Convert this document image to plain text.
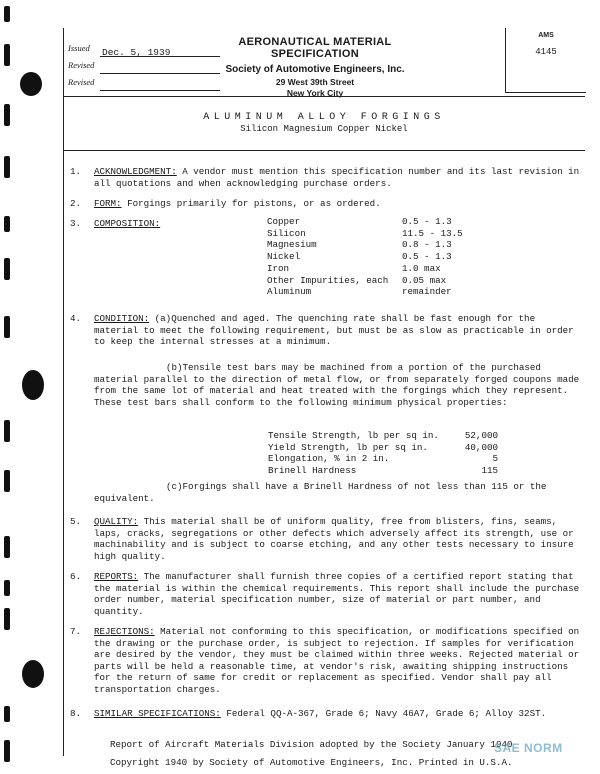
Issued	Dec. 5, 1939
Revised
Revised
AERONAUTICAL MATERIAL SPECIFICATION
Society of Automotive Engineers, Inc.
29 West 39th Street
New York City
AMS
4145
ALUMINUM ALLOY FORGINGS
Silicon Magnesium Copper Nickel
1.	ACKNOWLEDGMENT: A vendor must mention this specification number and its last revision in all quotations and when acknowledging purchase orders.
2.	FORM: Forgings primarily for pistons, or as ordered.
3.	COMPOSITION:	Copper	0.5 - 1.3
Silicon	11.5 - 13.5
Magnesium	0.8 - 1.3
Nickel	0.5 - 1.3
Iron	1.0 max
Other Impurities, each	0.05 max
Aluminum	remainder
4.	CONDITION: (a)Quenched and aged. The quenching rate shall be fast enough for the material to meet the following requirement, but must be as slow as practicable in order to keep the internal stresses at a minimum.
(b)Tensile test bars may be machined from a portion of the purchased material parallel to the direction of metal flow, or from separately forged coupons made from the same lot of material and heat treated with the forgings which they represent. These test bars shall conform to the following minimum physical properties:
Tensile Strength, lb per sq in.	52,000
Yield Strength, lb per sq in.	40,000
Elongation, % in 2 in.	5
Brinell Hardness	115
(c)Forgings shall have a Brinell Hardness of not less than 115 or the equivalent.
5.	QUALITY: This material shall be of uniform quality, free from blisters, fins, seams, laps, cracks, segregations or other defects which adversely affect its strength, use or machinability and is subject to coarse etching, and any other tests necessary to insure high quality.
6.	REPORTS: The manufacturer shall furnish three copies of a certified report stating that the material is within the chemical requirements. This report shall include the purchase order number, material specification number, size of material or part number, and quantity.
7.	REJECTIONS: Material not conforming to this specification, or modifications specified on the drawing or the purchase order, is subject to rejection. If samples for verification are desired by the vendor, they must be claimed within three weeks. Rejected material or parts will be held a reasonable time, at vendor's risk, awaiting shipping instructions for the return of same for credit or replacement as specified. Vendor shall pay all transportation charges.
8.	SIMILAR SPECIFICATIONS: Federal QQ-A-367, Grade 6; Navy 46A7, Grade 6; Alloy 32ST.
Report of Aircraft Materials Division adopted by the Society January 1940
Copyright 1940 by Society of Automotive Engineers, Inc. Printed in U.S.A.
SAE NORM
